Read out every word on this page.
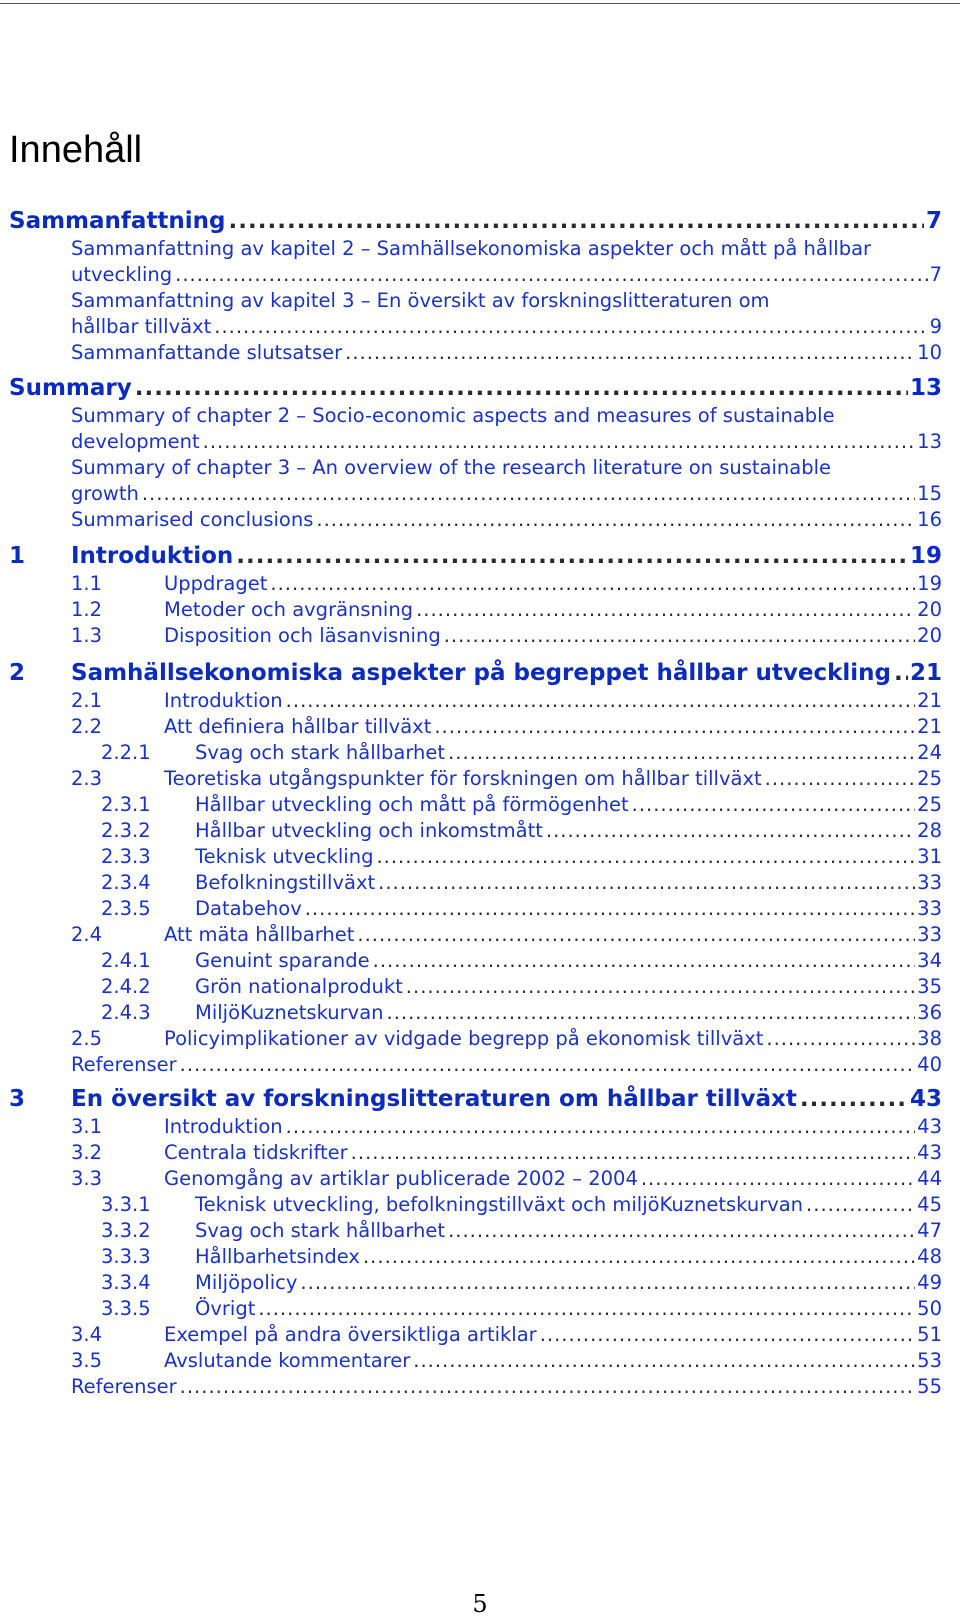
Innehåll
Sammanfattning .....	7
Sammanfattning av kapitel 2 – Samhällsekonomiska aspekter och mått på hållbar
utveckling .....	7
Sammanfattning av kapitel 3 – En översikt av forskningslitteraturen om
hållbar tillväxt .....	9
Sammanfattande slutsatser .....	10
Summary .....	13
Summary of chapter 2 – Socio-economic aspects and measures of sustainable
development .....	13
Summary of chapter 3 – An overview of the research literature on sustainable
growth .....	15
Summarised conclusions .....	16
1 Introduktion .....	19
1.1	Uppdraget .....	19
1.2	Metoder och avgränsning .....	20
1.3	Disposition och läsanvisning .....	20
2 Samhällsekonomiska aspekter på begreppet hållbar utveckling ..... 21
2.1	Introduktion .....	21
2.2	Att definiera hållbar tillväxt .....	21
2.2.1 Svag och stark hållbarhet .....	24
2.3	Teoretiska utgångspunkter för forskningen om hållbar tillväxt .....	25
2.3.1 Hållbar utveckling och mått på förmögenhet .....	25
2.3.2 Hållbar utveckling och inkomstmått .....	28
2.3.3 Teknisk utveckling .....	31
2.3.4 Befolkningstillväxt .....	33
2.3.5 Databehov .....	33
2.4	Att mäta hållbarhet .....	33
2.4.1 Genuint sparande .....	34
2.4.2 Grön nationalprodukt .....	35
2.4.3 MiljöKuznetskurvan .....	36
2.5	Policyimplikationer av vidgade begrepp på ekonomisk tillväxt .....	38
Referenser .....	40
3 En översikt av forskningslitteraturen om hållbar tillväxt .....	43
3.1	Introduktion .....	43
3.2	Centrala tidskrifter .....	43
3.3	Genomgång av artiklar publicerade 2002 – 2004 .....	44
3.3.1 Teknisk utveckling, befolkningstillväxt och miljöKuznetskurvan .....	45
3.3.2 Svag och stark hållbarhet .....	47
3.3.3 Hållbarhetsindex .....	48
3.3.4 Miljöpolicy .....	49
3.3.5 Övrigt .....	50
3.4	Exempel på andra översiktliga artiklar .....	51
3.5	Avslutande kommentarer .....	53
Referenser .....	55
5
